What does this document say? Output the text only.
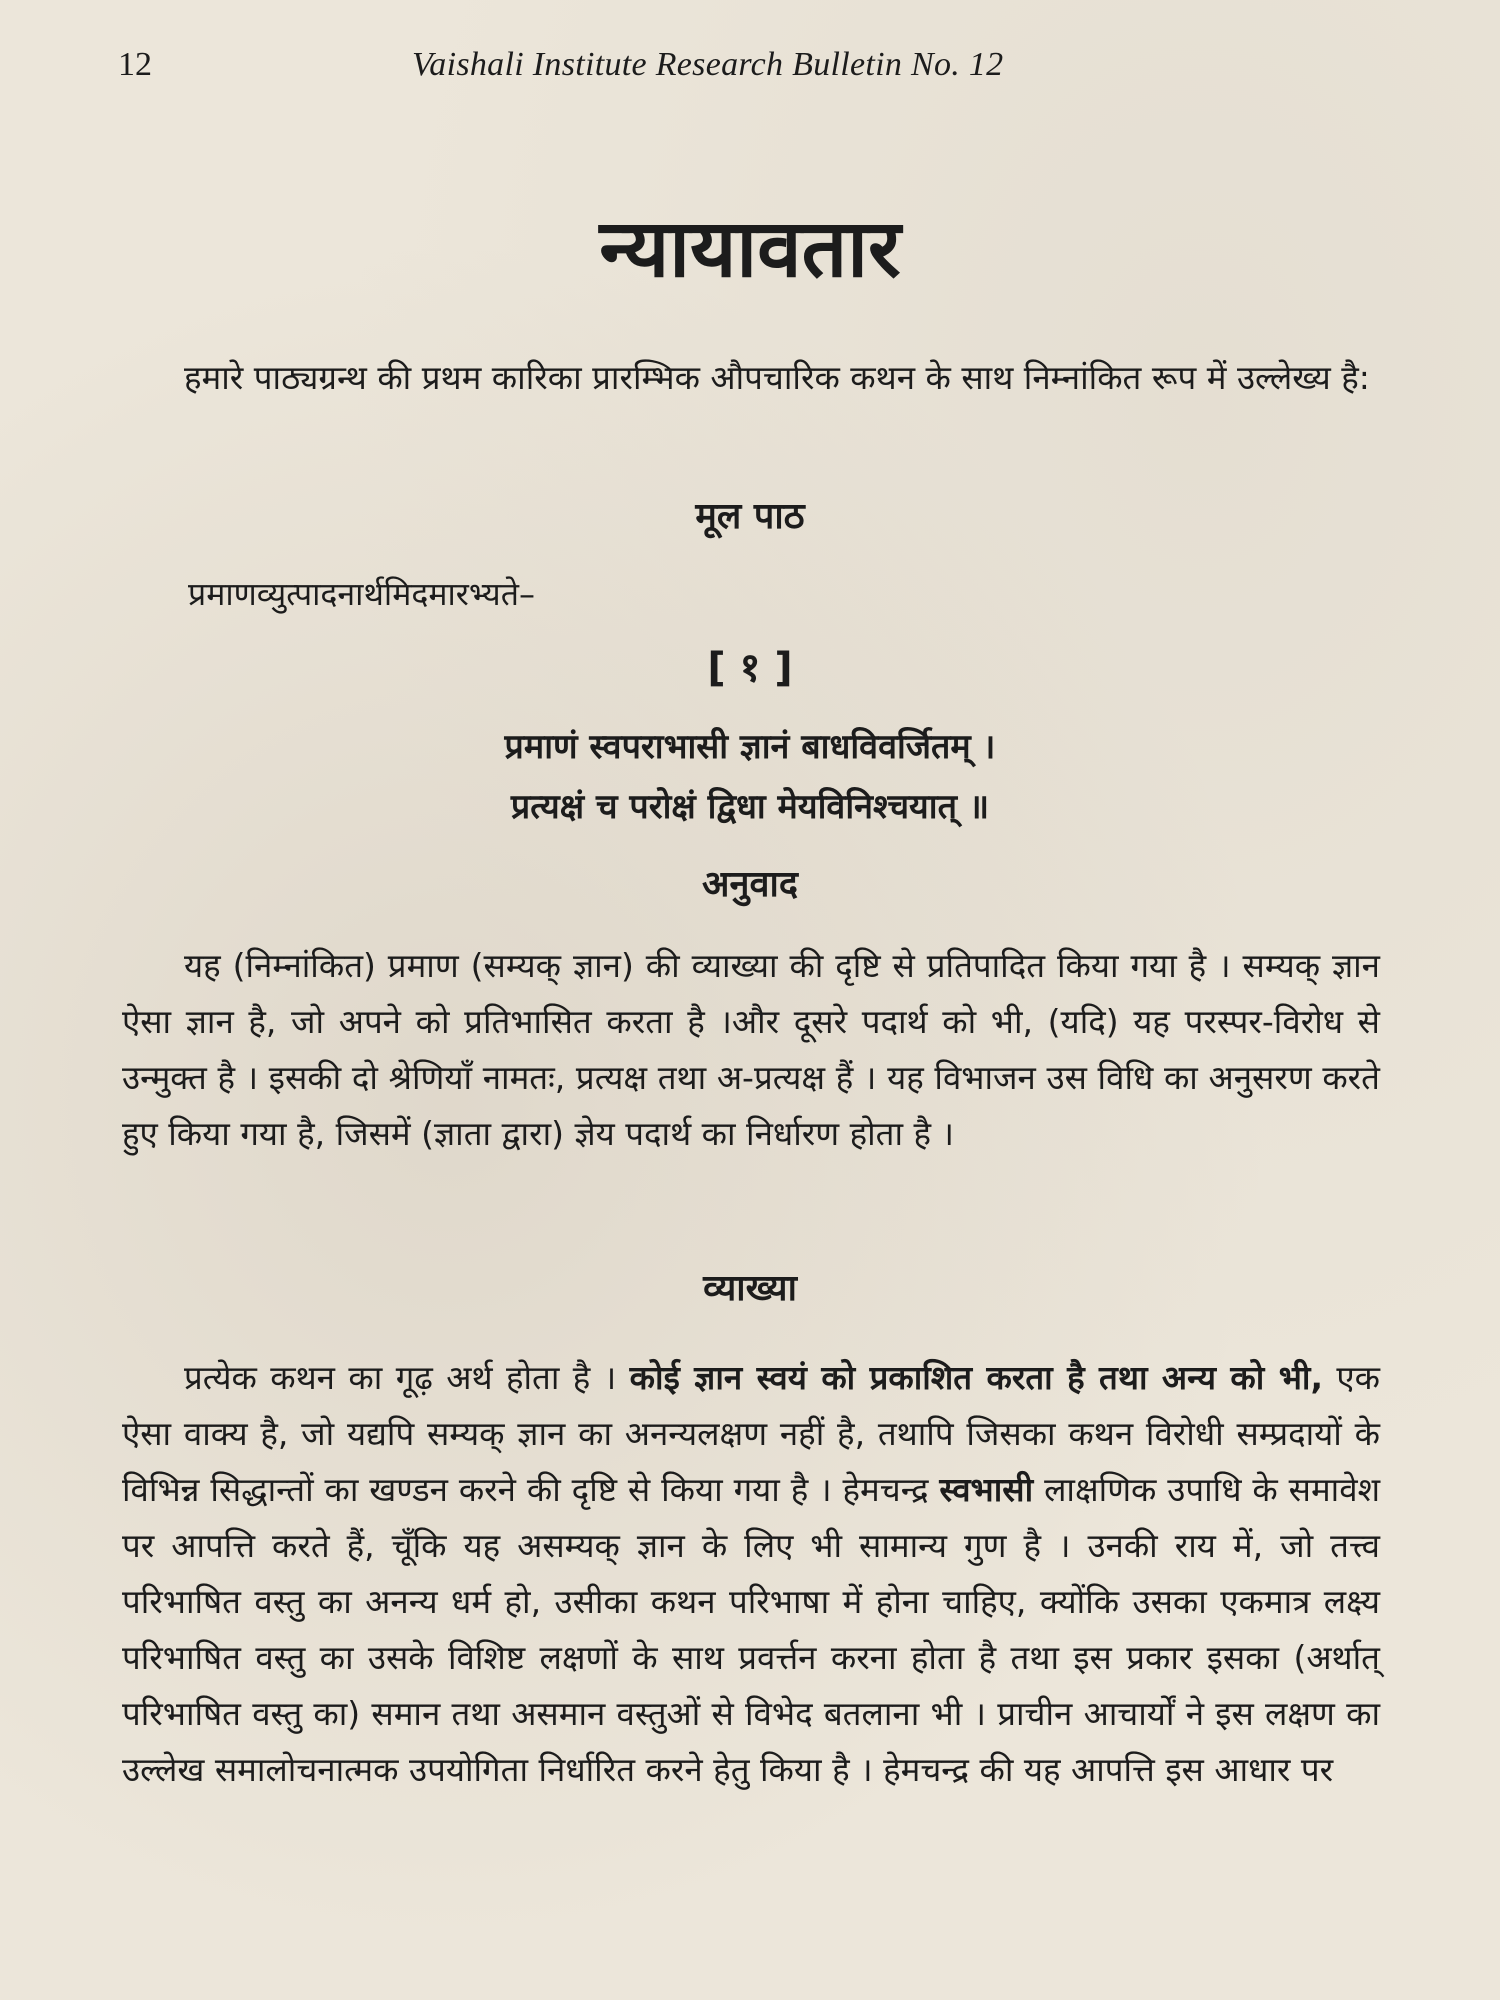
12	Vaishali Institute Research Bulletin No. 12
न्यायावतार

हमारे पाठ्यग्रन्थ की प्रथम कारिका प्रारम्भिक औपचारिक कथन के साथ निम्नांकित रूप में उल्लेख्य है:

मूल पाठ
प्रमाणव्युत्पादनार्थमिदमारभ्यते–
[ १ ]
प्रमाणं स्वपराभासी ज्ञानं बाधविवर्जितम् ।
प्रत्यक्षं च परोक्षं द्विधा मेयविनिश्चयात् ॥
अनुवाद

यह (निम्नांकित) प्रमाण (सम्यक् ज्ञान) की व्याख्या की दृष्टि से प्रतिपादित किया गया है । सम्यक् ज्ञान ऐसा ज्ञान है, जो अपने को प्रतिभासित करता है ।और दूसरे पदार्थ को भी, (यदि) यह परस्पर-विरोध से उन्मुक्त है । इसकी दो श्रेणियाँ नामतः, प्रत्यक्ष तथा अ-प्रत्यक्ष हैं । यह विभाजन उस विधि का अनुसरण करते हुए किया गया है, जिसमें (ज्ञाता द्वारा) ज्ञेय पदार्थ का निर्धारण होता है ।

व्याख्या

प्रत्येक कथन का गूढ़ अर्थ होता है । कोई ज्ञान स्वयं को प्रकाशित करता है तथा अन्य को भी, एक ऐसा वाक्य है, जो यद्यपि सम्यक् ज्ञान का अनन्यलक्षण नहीं है, तथापि जिसका कथन विरोधी सम्प्रदायों के विभिन्न सिद्धान्तों का खण्डन करने की दृष्टि से किया गया है । हेमचन्द्र स्वभासी लाक्षणिक उपाधि के समावेश पर आपत्ति करते हैं, चूँकि यह असम्यक् ज्ञान के लिए भी सामान्य गुण है । उनकी राय में, जो तत्त्व परिभाषित वस्तु का अनन्य धर्म हो, उसीका कथन परिभाषा में होना चाहिए, क्योंकि उसका एकमात्र लक्ष्य परिभाषित वस्तु का उसके विशिष्ट लक्षणों के साथ प्रवर्त्तन करना होता है तथा इस प्रकार इसका (अर्थात् परिभाषित वस्तु का) समान तथा असमान वस्तुओं से विभेद बतलाना भी । प्राचीन आचार्यों ने इस लक्षण का उल्लेख समालोचनात्मक उपयोगिता निर्धारित करने हेतु किया है । हेमचन्द्र की यह आपत्ति इस आधार पर
